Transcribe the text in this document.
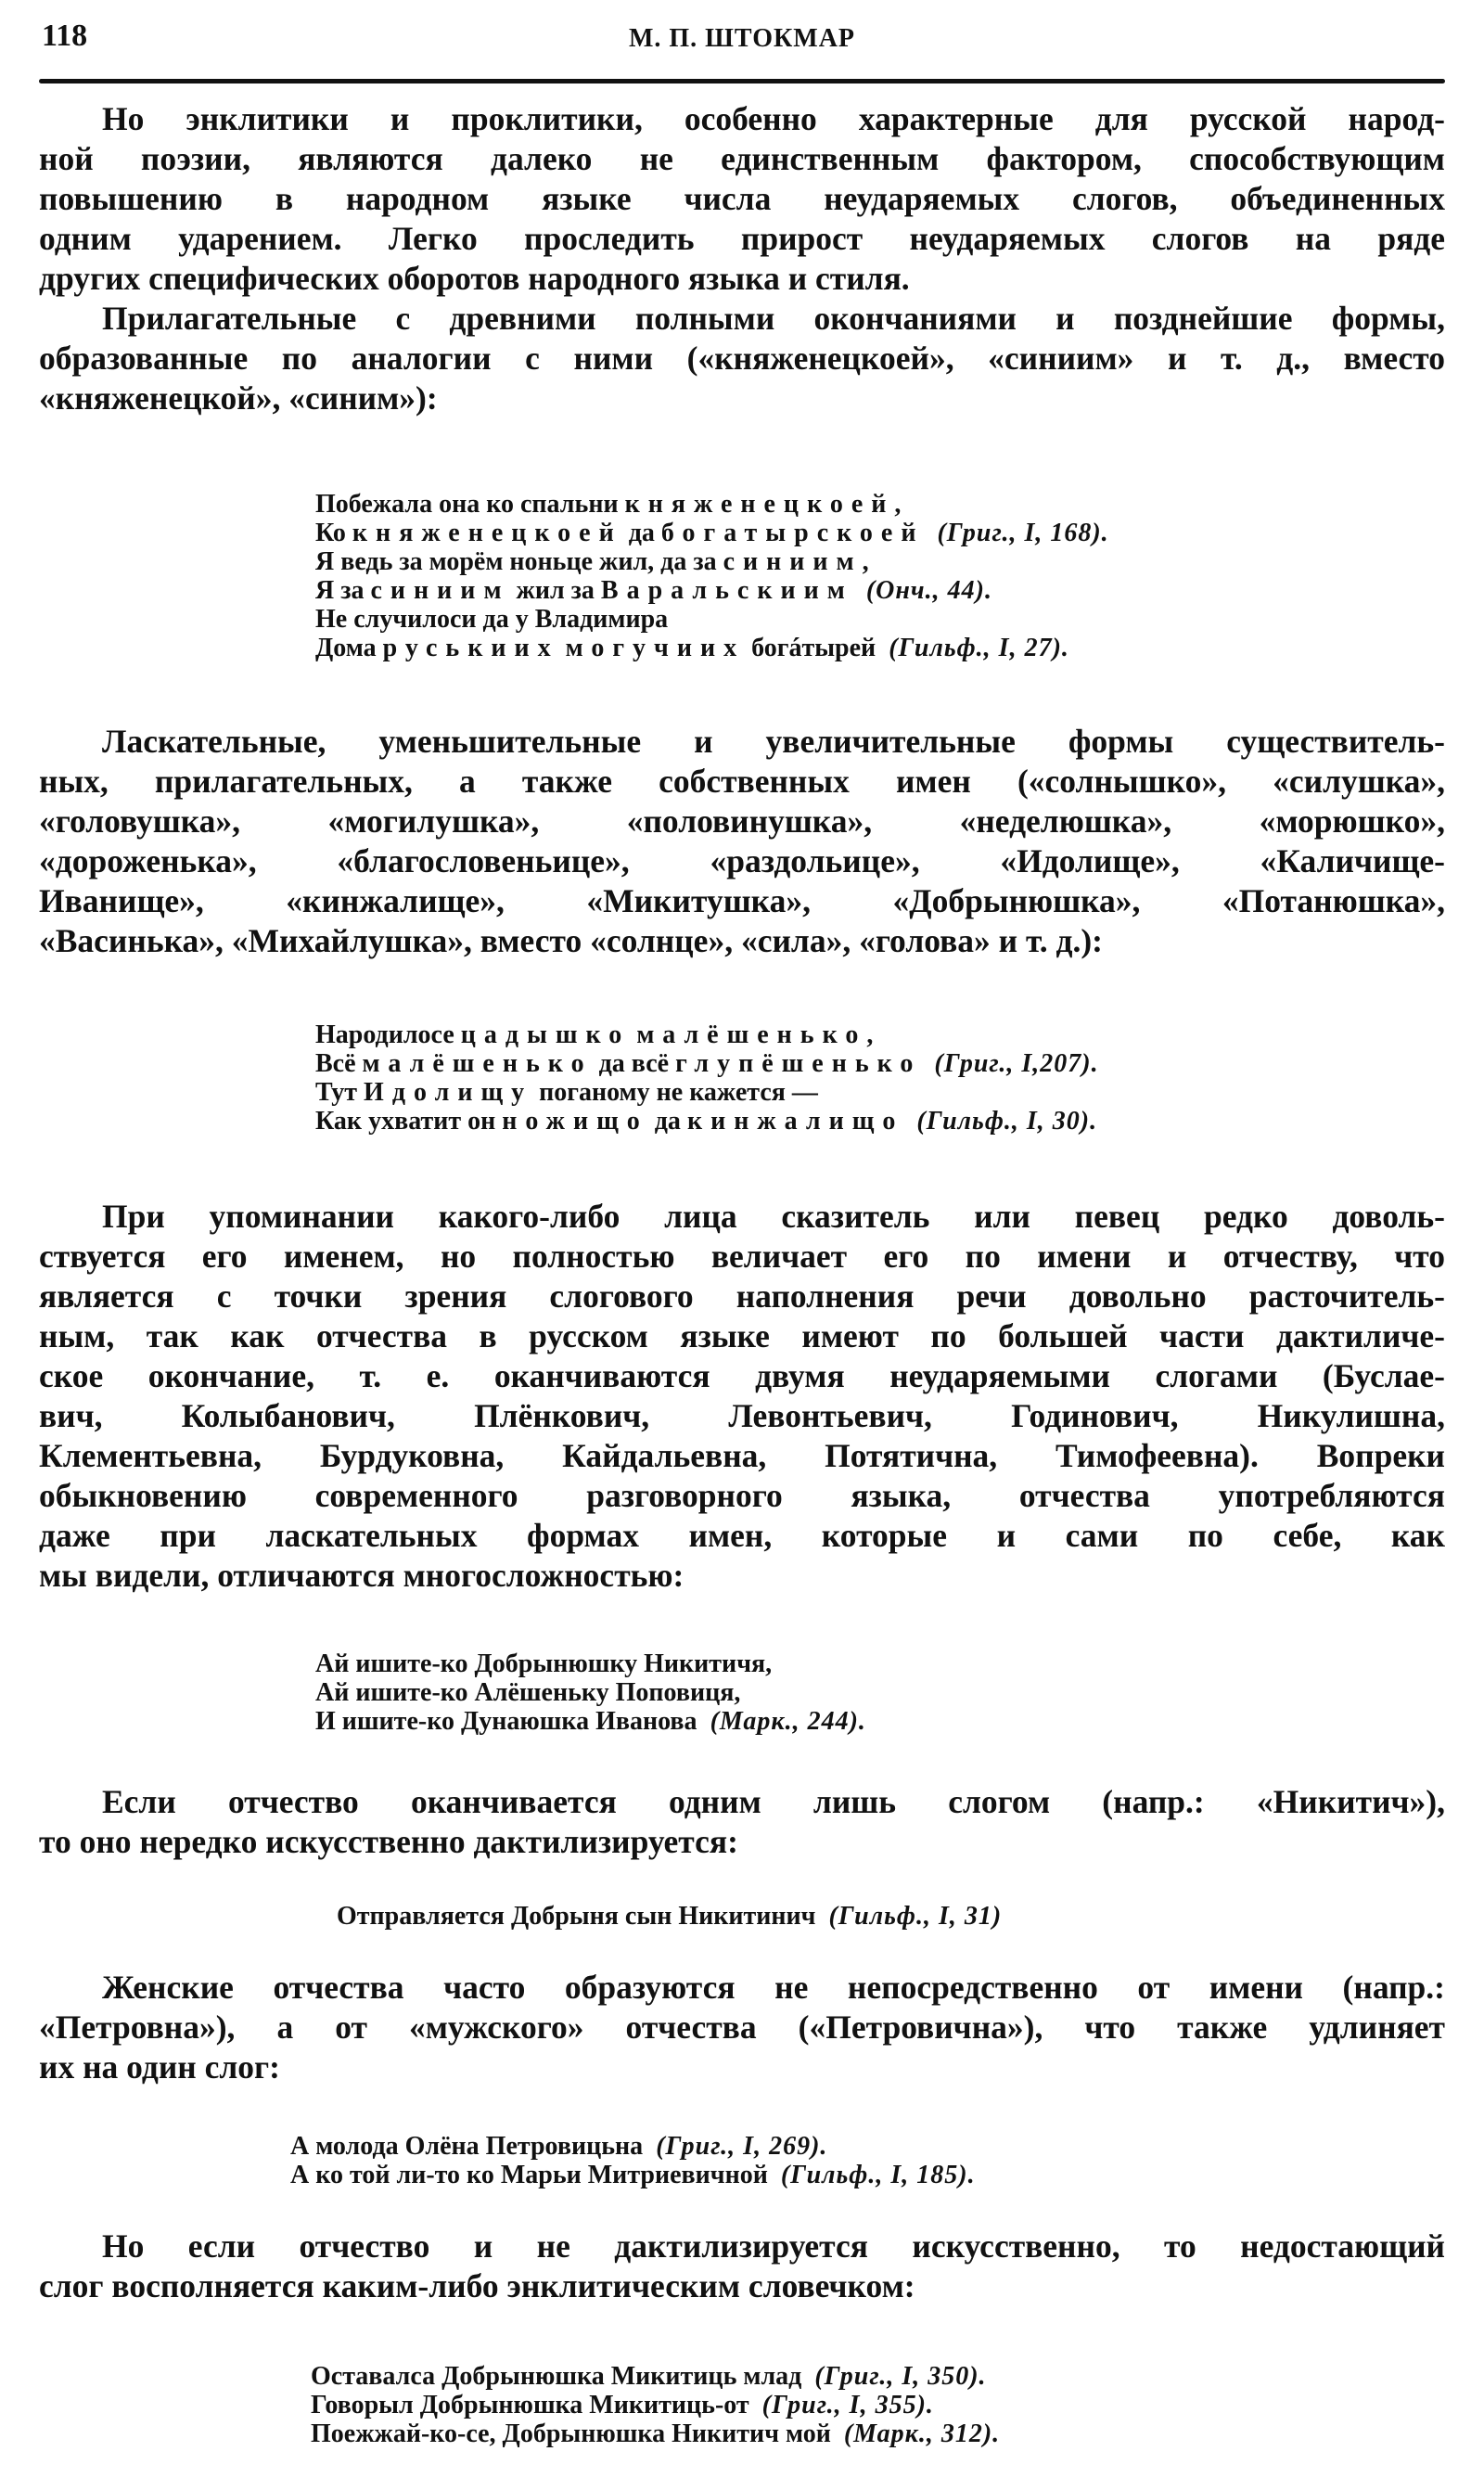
118	М. П. ШТОКМАР
Но энклитики и проклитики, особенно характерные для русской народ-
ной поэзии, являются далеко не единственным фактором, способствующим
повышению в народном языке числа неударяемых слогов, объединенных
одним ударением. Легко проследить прирост неударяемых слогов на ряде
других специфических оборотов народного языка и стиля.
Прилагательные с древними полными окончаниями и позднейшие формы,
образованные по аналогии с ними («княженецкоей», «синиим» и т. д., вместо
«княженецкой», «синим»):
Побежала она ко спальни княженецкоей,
Ко княженецкоей да богатырскоей (Григ., I, 168).
Я ведь за морём ноньце жил, да за синиим,
Я за синиим жил за Варальскиим (Онч., 44).
Не случилоси да у Владимира
Дома руськиих могучиих богáтырей (Гильф., I, 27).
Ласкательные, уменьшительные и увеличительные формы существитель-
ных, прилагательных, а также собственных имен («солнышко», «силушка»,
«головушка», «могилушка», «половинушка», «неделюшка», «морюшко»,
«дороженька», «благословеньице», «раздольице», «Идолище», «Каличище-
Иванище», «кинжалище», «Микитушка», «Добрынюшка», «Потанюшка»,
«Васинька», «Михайлушка», вместо «солнце», «сила», «голова» и т. д.):
Народилосе цадышко малёшенько,
Всё малёшенько да всё глупёшенько (Григ., I,207).
Тут Идолищу поганому не кажется —
Как ухватит он ножищо да кинжалищо (Гильф., I, 30).
При упоминании какого-либо лица сказитель или певец редко доволь-
ствуется его именем, но полностью величает его по имени и отчеству, что
является с точки зрения слогового наполнения речи довольно расточитель-
ным, так как отчества в русском языке имеют по большей части дактиличе-
ское окончание, т. е. оканчиваются двумя неударяемыми слогами (Буслае-
вич, Колыбанович, Плёнкович, Левонтьевич, Годинович, Никулишна,
Клементьевна, Бурдуковна, Кайдальевна, Потятична, Тимофеевна). Вопреки
обыкновению современного разговорного языка, отчества употребляются
даже при ласкательных формах имен, которые и сами по себе, как
мы видели, отличаются многосложностью:
Ай ишите-ко Добрынюшку Никитичя,
Ай ишите-ко Алёшеньку Поповиця,
И ишите-ко Дунаюшка Иванова (Марк., 244).
Если отчество оканчивается одним лишь слогом (напр.: «Никитич»),
то оно нередко искусственно дактилизируется:
Отправляется Добрыня сын Никитинич (Гильф., I, 31)
Женские отчества часто образуются не непосредственно от имени (напр.:
«Петровна»), а от «мужского» отчества («Петровична»), что также удлиняет
их на один слог:
А молода Олёна Петровицьна (Григ., I, 269).
А ко той ли-то ко Марьи Митриевичной (Гильф., I, 185).
Но если отчество и не дактилизируется искусственно, то недостающий
слог восполняется каким-либо энклитическим словечком:
Оставалса Добрынюшка Микитиць млад (Григ., I, 350).
Говорыл Добрынюшка Микитиць-от (Григ., I, 355).
Поежжай-ко-се, Добрынюшка Никитич мой (Марк., 312).
